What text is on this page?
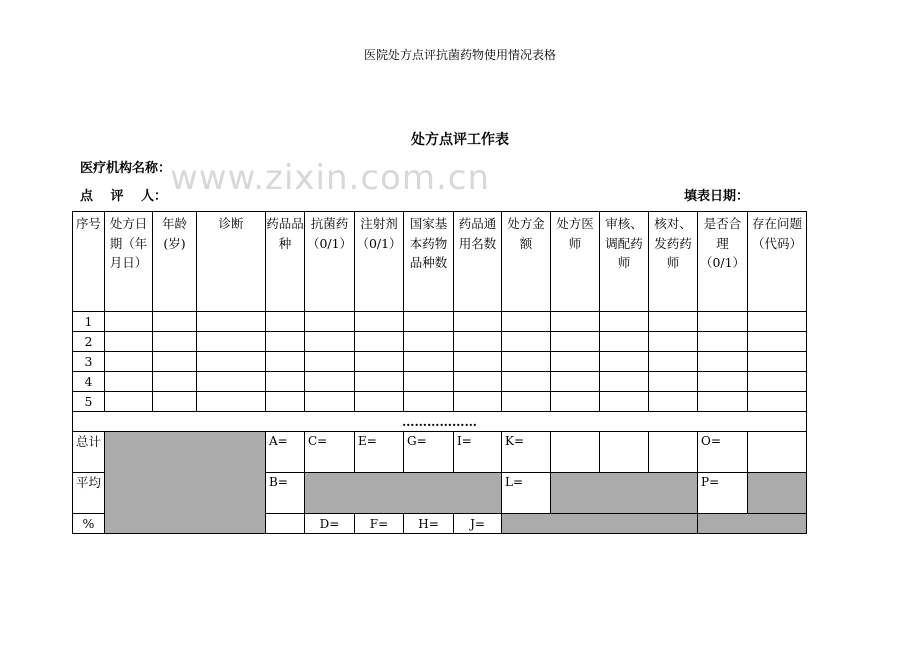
医院处方点评抗菌药物使用情况表格
处方点评工作表
医疗机构名称：
www.zixin.com.cn
点　 评　 人：	填表日期：
序号	处方日期（年月日）	年龄(岁)	诊断	药品品种	抗菌药（0/1）	注射剂（0/1）	国家基本药物品种数	药品通用名数	处方金额	处方医师	审核、调配药师	核对、发药药师	是否合理（0/1）	存在问题（代码）
1														
2														
3														
4														
5														
………………														
总计				A=	C=	E=	G=	I=	K=				O=	
平均				B=					L=				P=	
%					D=	F=	H=	J=						
